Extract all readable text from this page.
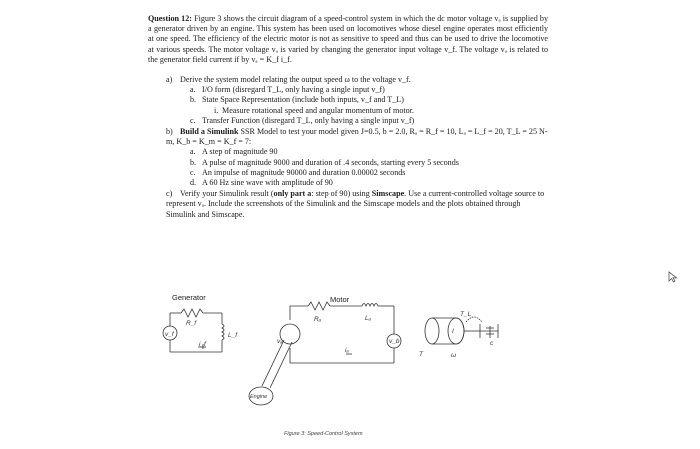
Question 12: Figure 3 shows the circuit diagram of a speed-control system in which the dc motor voltage vₐ is supplied by a generator driven by an engine. This system has been used on locomotives whose diesel engine operates most efficiently at one speed. The efficiency of the electric motor is not as sensitive to speed and thus can be used to drive the locomotive at various speeds. The motor voltage vₐ is varied by changing the generator input voltage v_f. The voltage vₐ is related to the generator field current if by vₐ = K_f i_f.

a) Derive the system model relating the output speed ω to the voltage v_f.
a. I/O form (disregard T_L, only having a single input v_f)
b. State Space Representation (include both inputs, v_f and T_L)
i. Measure rotational speed and angular momentum of motor.
c. Transfer Function (disregard T_L, only having a single input v_f)
b) Build a Simulink SSR Model to test your model given J=0.5, b = 2.0, Rₐ = R_f = 10, Lₐ = L_f = 20, T_L = 25 N-m, K_b = K_m = K_f = 7:
a. A step of magnitude 90
b. A pulse of magnitude 9000 and duration of .4 seconds, starting every 5 seconds
c. An impulse of magnitude 90000 and duration 0.00002 seconds
d. A 60 Hz sine wave with amplitude of 90
c) Verify your Simulink result (only part a: step of 90) using Simscape. Use a current-controlled voltage source to represent vₐ. Include the screenshots of the Simulink and the Simscape models and the plots obtained through Simulink and Simscape.
Generator	Motor
R_f
L_f
v_f
i_f
Rₐ	Lₐ
v_b
vₐ
iₐ
Engine
T_L
T	ω
I
c
Figure 3: Speed-Control System
